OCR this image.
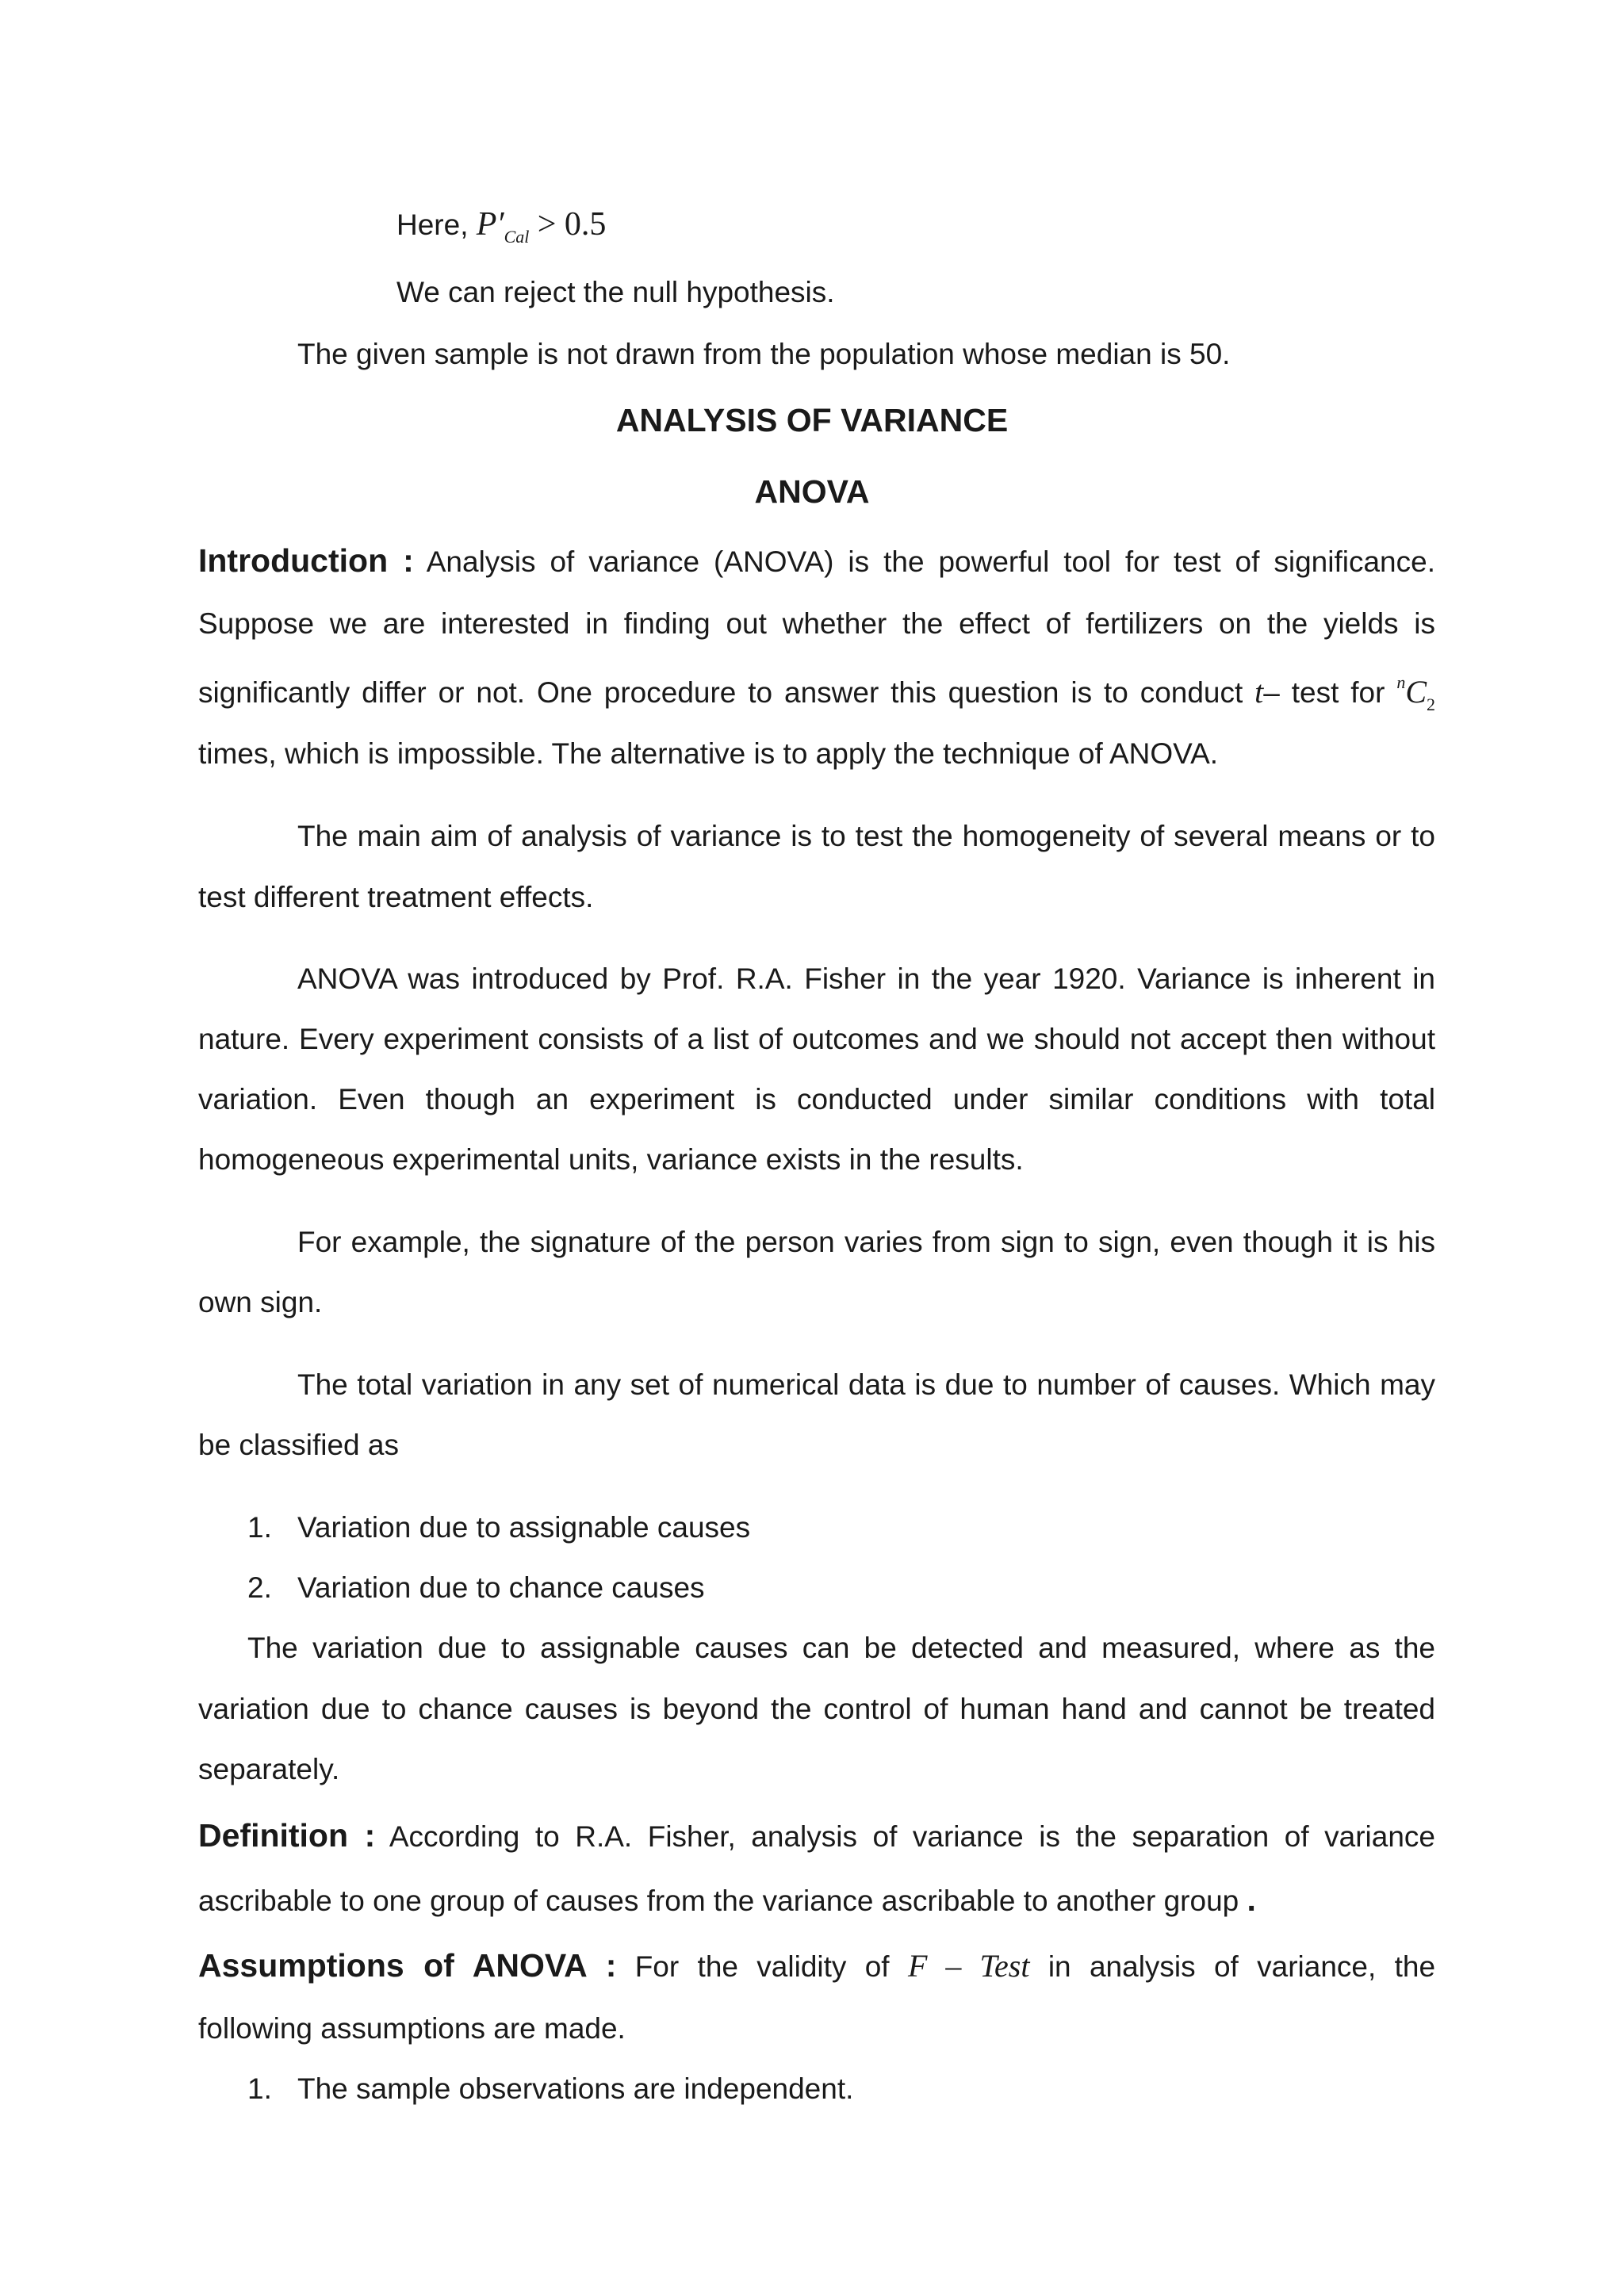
Here, $P'_{Cal} > 0.5$
We can reject the null hypothesis.
The given sample is not drawn from the population whose median is 50.
ANALYSIS OF VARIANCE
ANOVA
Introduction : Analysis of variance (ANOVA) is the powerful tool for test of significance.
Suppose we are interested in finding out whether the effect of fertilizers on the yields is
significantly differ or not. One procedure to answer this question is to conduct t– test for $^nC_2$
times, which is impossible. The alternative is to apply the technique of ANOVA.
The main aim of analysis of variance is to test the homogeneity of several means or to
test different treatment effects.
ANOVA was introduced by Prof. R.A. Fisher in the year 1920. Variance is inherent in
nature. Every experiment consists of a list of outcomes and we should not accept then without
variation. Even though an experiment is conducted under similar conditions with total
homogeneous experimental units, variance exists in the results.
For example, the signature of the person varies from sign to sign, even though it is his
own sign.
The total variation in any set of numerical data is due to number of causes. Which may
be classified as
1. Variation due to assignable causes
2. Variation due to chance causes
The variation due to assignable causes can be detected and measured, where as the
variation due to chance causes is beyond the control of human hand and cannot be treated
separately.
Definition : According to R.A. Fisher, analysis of variance is the separation of variance
ascribable to one group of causes from the variance ascribable to another group .
Assumptions of ANOVA : For the validity of F – Test in analysis of variance, the
following assumptions are made.
1. The sample observations are independent.
